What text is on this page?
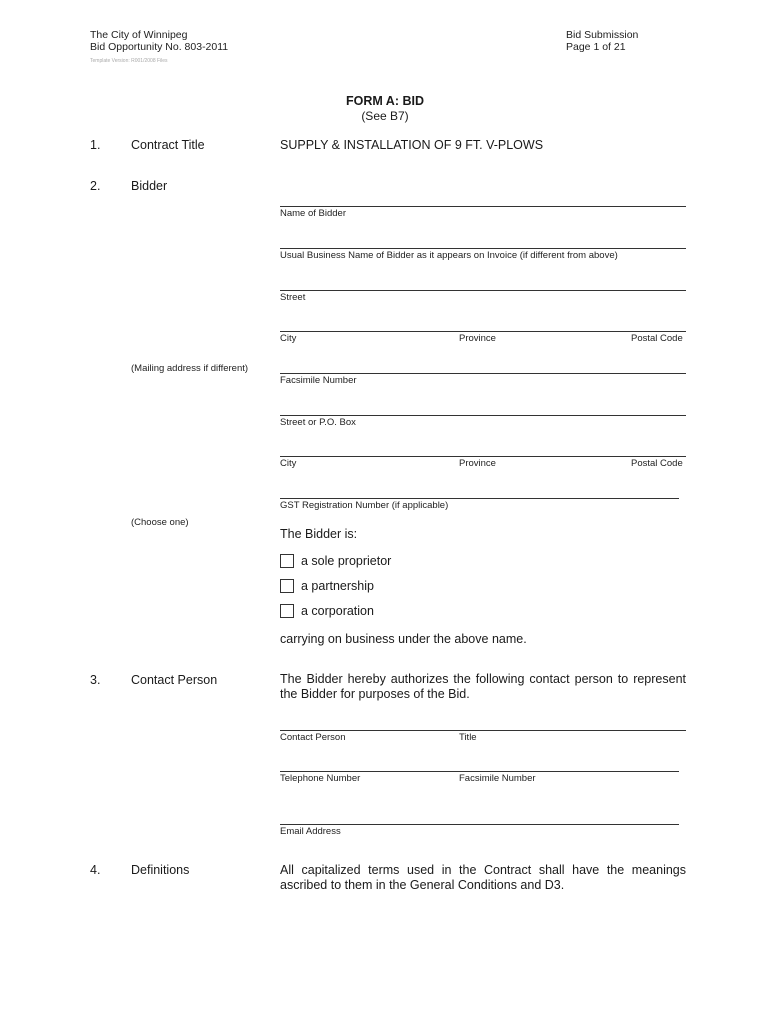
The City of Winnipeg
Bid Opportunity No. 803-2011
Template Version: R001/2008 Files
Bid Submission
Page 1 of 21
FORM A: BID
(See B7)
1. Contract Title	SUPPLY & INSTALLATION OF 9 FT. V-PLOWS
2. Bidder
Name of Bidder
Usual Business Name of Bidder as it appears on Invoice (if different from above)
Street
City	Province	Postal Code
(Mailing address if different)
Facsimile Number
Street or P.O. Box
City	Province	Postal Code
GST Registration Number (if applicable)
(Choose one)
The Bidder is:
a sole proprietor
a partnership
a corporation
carrying on business under the above name.
3. Contact Person	The Bidder hereby authorizes the following contact person to represent the Bidder for purposes of the Bid.
Contact Person	Title
Telephone Number	Facsimile Number
Email Address
4. Definitions	All capitalized terms used in the Contract shall have the meanings ascribed to them in the General Conditions and D3.
